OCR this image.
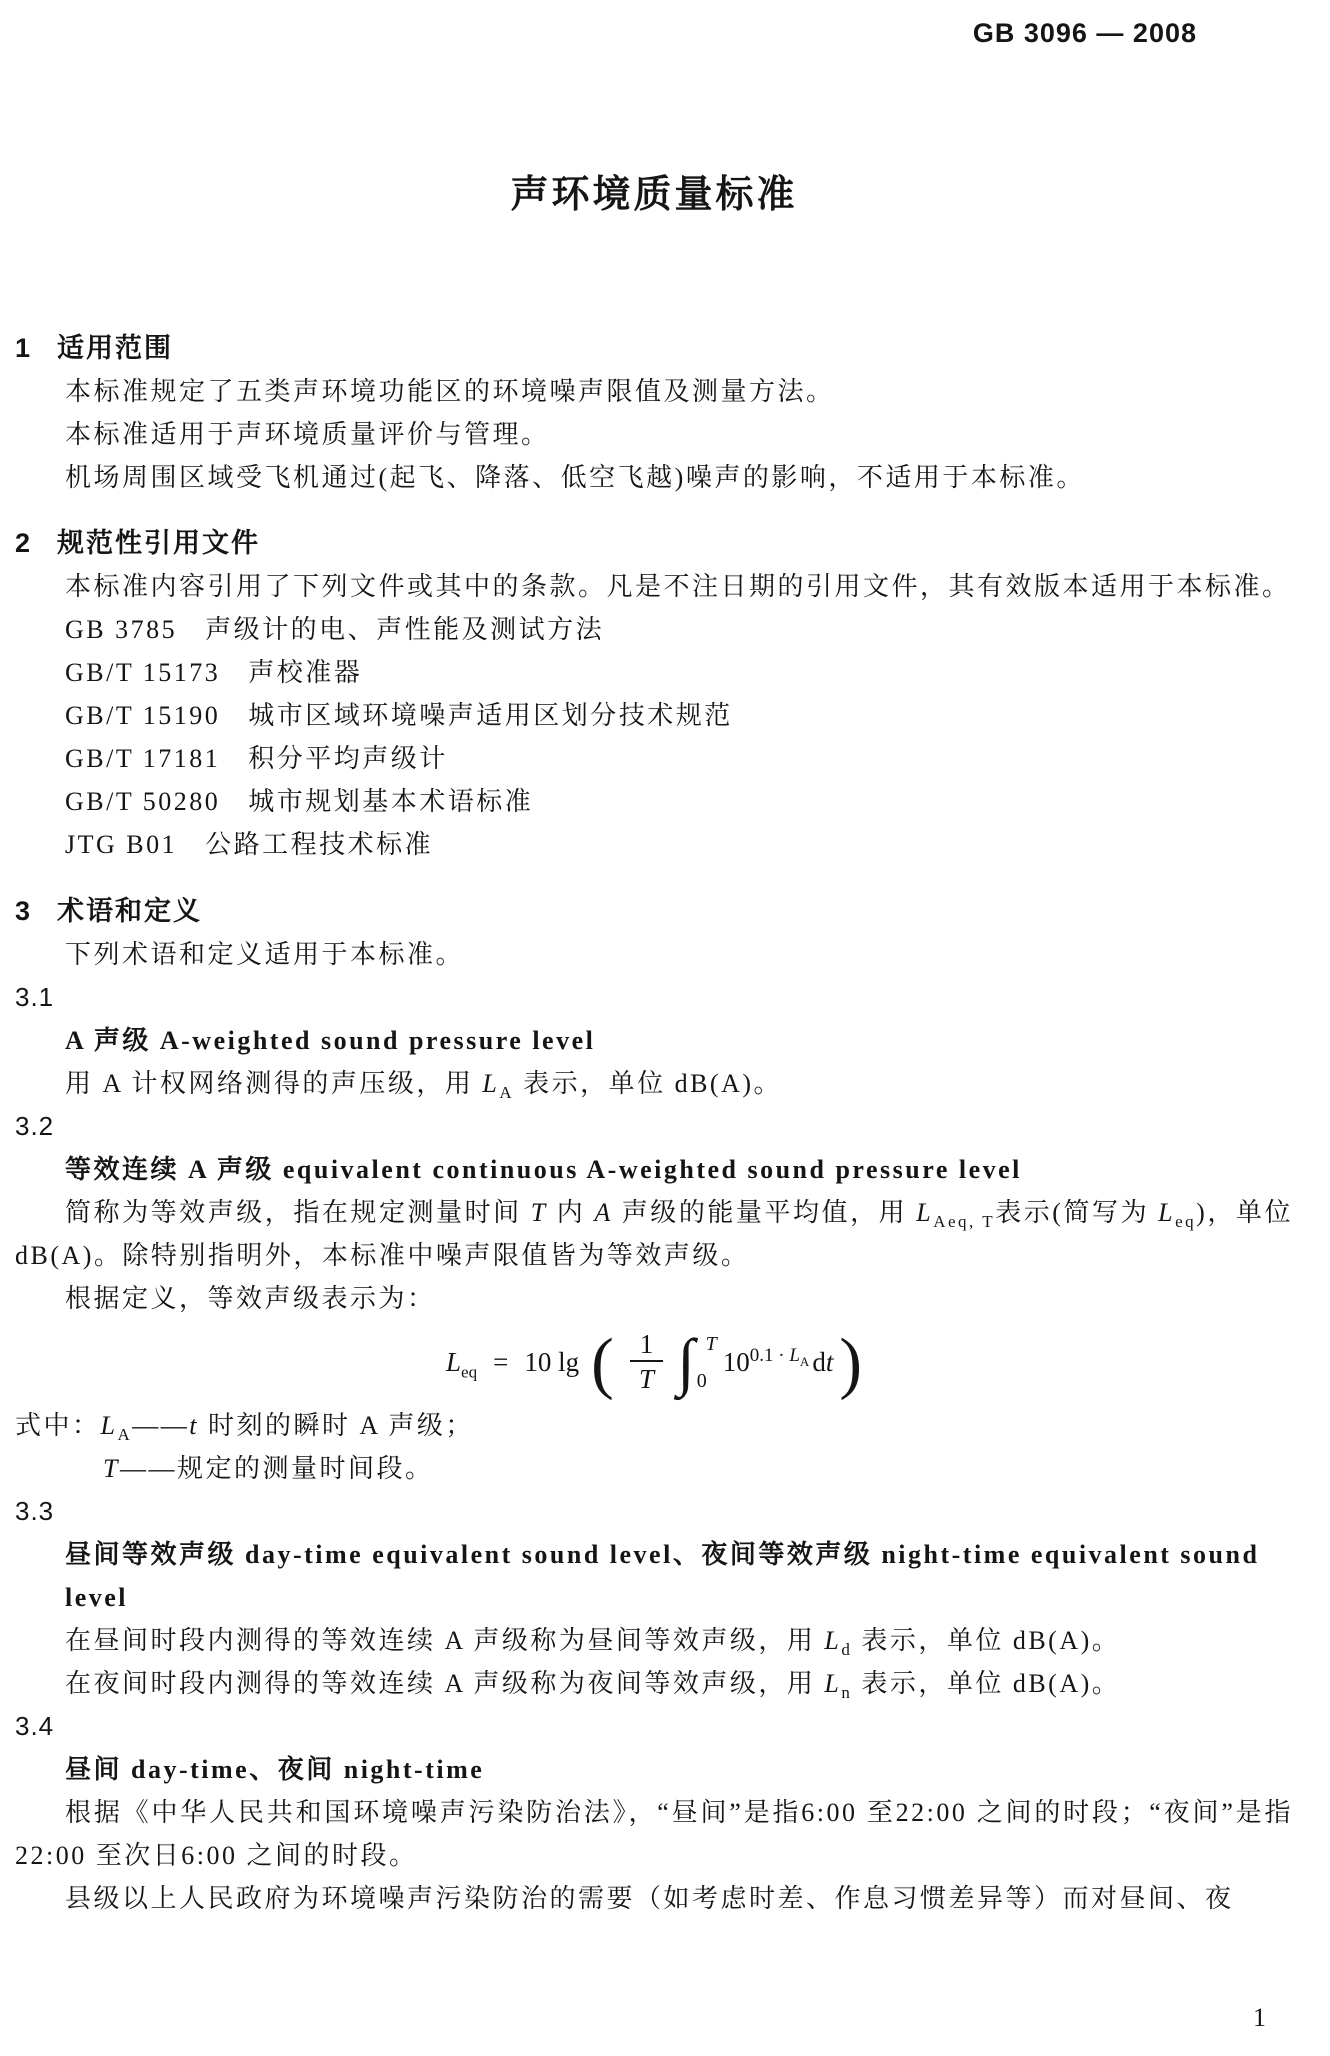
GB 3096 — 2008
声环境质量标准

1 适用范围

本标准规定了五类声环境功能区的环境噪声限值及测量方法。

本标准适用于声环境质量评价与管理。

机场周围区域受飞机通过(起飞、降落、低空飞越)噪声的影响，不适用于本标准。

2 规范性引用文件

本标准内容引用了下列文件或其中的条款。凡是不注日期的引用文件，其有效版本适用于本标准。

GB 3785 声级计的电、声性能及测试方法

GB/T 15173 声校准器

GB/T 15190 城市区域环境噪声适用区划分技术规范

GB/T 17181 积分平均声级计

GB/T 50280 城市规划基本术语标准

JTG B01 公路工程技术标准

3 术语和定义

下列术语和定义适用于本标准。

3.1

A 声级 A-weighted sound pressure level

用 A 计权网络测得的声压级，用 $L_A$ 表示，单位 dB(A)。

3.2

等效连续 A 声级 equivalent continuous A-weighted sound pressure level

简称为等效声级，指在规定测量时间 T 内 A 声级的能量平均值，用 $L_{Aeq, T}$表示(简写为 $L_{eq}$)，单位 dB(A)。除特别指明外，本标准中噪声限值皆为等效声级。

根据定义，等效声级表示为：

$L_{eq} = 10$ lg ( $\frac{1}{T}$ ∫ T
0
$10^{0.1 \cdot L_A}$ dt )

式中：$L_A——t$ 时刻的瞬时 A 声级；

T——规定的测量时间段。

3.3

昼间等效声级 day-time equivalent sound level、夜间等效声级 night-time equivalent sound level

在昼间时段内测得的等效连续 A 声级称为昼间等效声级，用 $L_d$ 表示，单位 dB(A)。

在夜间时段内测得的等效连续 A 声级称为夜间等效声级，用 $L_n$ 表示，单位 dB(A)。

3.4

昼间 day-time、夜间 night-time

根据《中华人民共和国环境噪声污染防治法》，“昼间”是指6:00 至22:00 之间的时段；“夜间”是指22:00 至次日6:00 之间的时段。

县级以上人民政府为环境噪声污染防治的需要（如考虑时差、作息习惯差异等）而对昼间、夜

1
